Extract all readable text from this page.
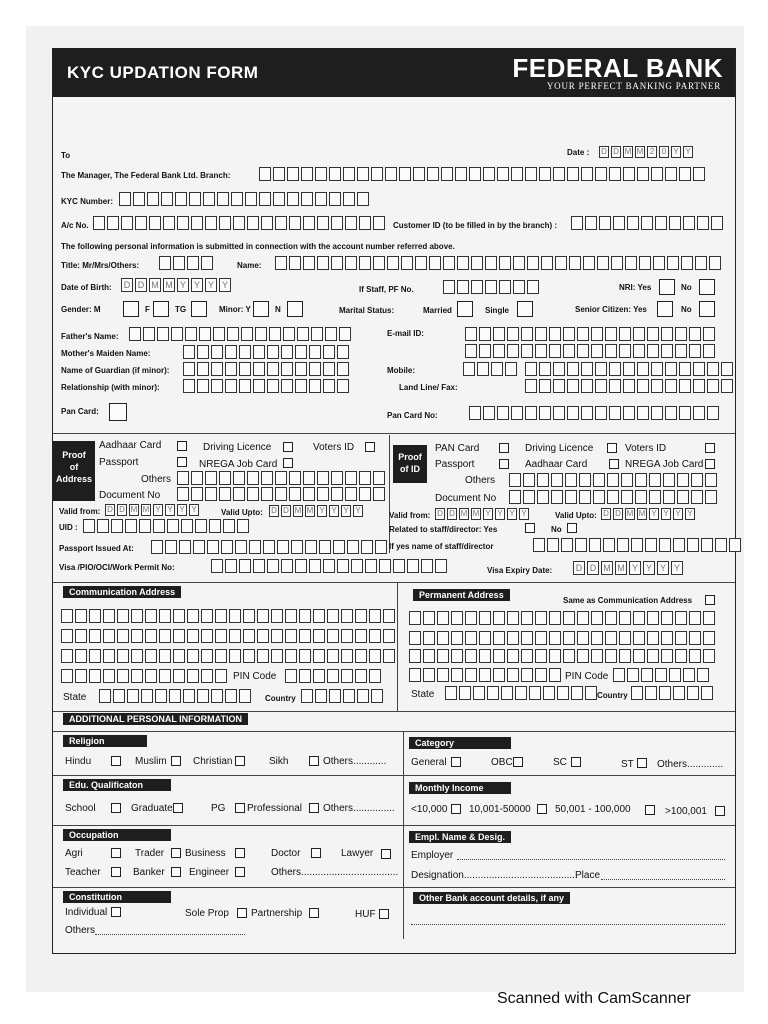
KYC UPDATION FORM	FEDERAL BANK
YOUR PERFECT BANKING PARTNER
To	Date : D D M M 2 0 Y Y
The Manager, The Federal Bank Ltd. Branch:
KYC Number:
A/c No.	Customer ID (to be filled in by the branch) :
The following personal information is submitted in connection with the account number referred above.
Title: Mr/Mrs/Others:	Name:
Date of Birth:	D D M M Y Y Y Y	If Staff, PF No.	NRI: Yes	No
Gender: M	F	TG	Minor: Y	N	Marital Status:	Married	Single	Senior Citizen: Yes	No
Father's Name:
Mother's Maiden Name:
Name of Guardian (if minor):
Relationship (with minor):
E-mail ID:
Mobile:
Land Line/ Fax:
Pan Card:	Pan Card No:
Proof
of
Address
Aadhaar Card	Driving Licence	Voters ID
Passport	NREGA Job Card
Others
Document No
Valid from: D D M M Y Y Y Y	Valid Upto: D D M M Y Y Y Y
UID :
Passport Issued At:
Visa /PIO/OCI/Work Permit No:
Proof
of ID
PAN Card	Driving Licence	Voters ID
Passport	Aadhaar Card	NREGA Job Card
Others
Document No
Valid from: D D M M Y Y Y Y	Valid Upto: D D M M Y Y Y Y
Related to staff/director: Yes	No
If yes name of staff/director
Visa Expiry Date:	D D M M Y Y Y Y
Communication Address
PIN Code
State	Country
Permanent Address
Same as Communication Address
PIN Code
State	Country
ADDITIONAL PERSONAL INFORMATION
Religion
Hindu	Muslim	Christian	Sikh	Others............
Category
General	OBC	SC	ST Others.............
Edu. Qualificaton
School	Graduate	PG Professional Others...............
Monthly Income
<10,000 10,001-50000 50,001 - 100,000	>100,001
Occupation
Agri	Trader Business	Doctor	Lawyer
Teacher	Banker Engineer	Others...................................
Empl. Name & Desig.
Employer
Designation.........................................
Place
Constitution
Individual	Sole Prop Partnership	HUF
Others
Other Bank account details, if any
Scanned with CamScanner
